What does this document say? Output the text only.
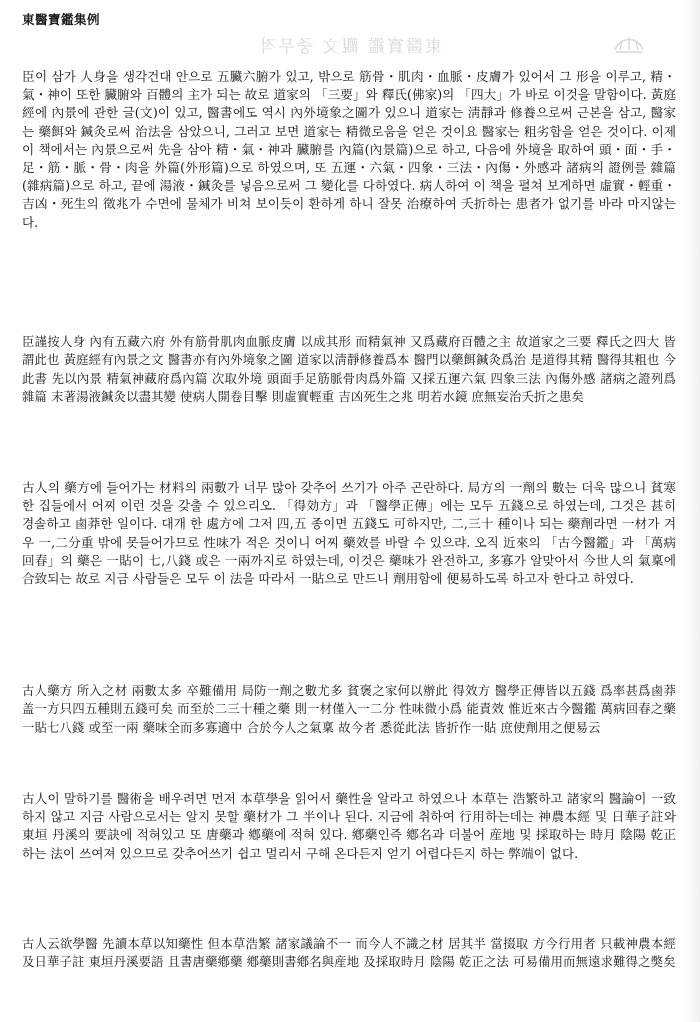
東醫寶鑑集例
東醫寶鑑 觀文 중무적

臣이 삼가 人身을 생각건대 안으로 五臟六腑가 있고, 밖으로 筋骨・肌肉・血脈・皮膚가 있어서 그 形을 이루고, 精・氣・神이 또한 臟腑와 百體의 主가 되는 故로 道家의 「三要」와 釋氏(佛家)의 「四大」가 바로 이것을 말함이다. 黃庭經에 內景에 관한 글(文)이 있고, 醫書에도 역시 內外境象之圖가 있으니 道家는 淸靜과 修養으로써 근본을 삼고, 醫家는 藥餌와 鍼灸로써 治法을 삼았으니, 그러고 보면 道家는 精微로움을 얻은 것이요 醫家는 粗劣함을 얻은 것이다. 이제 이 책에서는 內景으로써 先을 삼아 精・氣・神과 臟腑를 內篇(內景篇)으로 하고, 다음에 外境을 取하여 頭・面・手・足・筋・脈・骨・肉을 外篇(外形篇)으로 하였으며, 또 五運・六氣・四象・三法・內傷・外感과 諸病의 證例를 雜篇(雜病篇)으로 하고, 끝에 湯液・鍼灸를 넣음으로써 그 變化를 다하였다. 病人하여 이 책을 펼쳐 보게하면 虛實・輕重・吉凶・死生의 徵兆가 수면에 물체가 비쳐 보이듯이 환하게 하니 잘못 治療하여 夭折하는 患者가 없기를 바라 마지않는다.

臣謹按人身 內有五藏六府 外有筋骨肌肉血脈皮膚 以成其形 而精氣神 又爲藏府百體之主 故道家之三要 釋氏之四大 皆謂此也 黃庭經有內景之文 醫書亦有內外境象之圖 道家以淸靜修養爲本 醫門以藥餌鍼灸爲治 是道得其精 醫得其粗也 今此書 先以內景 精氣神藏府爲內篇 次取外境 頭面手足筋脈骨肉爲外篇 又採五運六氣 四象三法 內傷外感 諸病之證列爲雜篇 末著湯液鍼灸以盡其變 使病人開卷目擊 則虛實輕重 吉凶死生之兆 明若水鏡 庶無妄治夭折之患矣

古人의 藥方에 들어가는 材料의 兩數가 너무 많아 갖추어 쓰기가 아주 곤란하다. 局方의 一劑의 數는 더욱 많으니 貧寒한 집들에서 어찌 이런 것을 갖출 수 있으리오. 「得効方」과 「醫學正傳」에는 모두 五錢으로 하였는데, 그것은 甚히 경솔하고 鹵莽한 일이다. 대개 한 處方에 그저 四,五 종이면 五錢도 可하지만, 二,三十 種이나 되는 藥劑라면 一材가 겨우 一,二分重 밖에 못들어가므로 性味가 적은 것이니 어찌 藥效를 바랄 수 있으랴. 오직 近來의 「古今醫鑑」과 「萬病回春」의 藥은 一貼이 七,八錢 或은 一兩까지로 하였는데, 이것은 藥味가 완전하고, 多寡가 알맞아서 今世人의 氣稟에 合致되는 故로 지금 사람들은 모두 이 法을 따라서 一貼으로 만드니 劑用함에 便易하도록 하고자 한다고 하였다.

古人藥方 所入之材 兩數太多 卒難備用 局防一劑之數尤多 貧褒之家何以辦此 得效方 醫學正傳皆以五錢 爲率甚爲鹵莽 盖一方只四五種則五錢可矣 而至於二三十種之藥 則一材僅入一二分 性味微小爲 能責效 惟近來古今醫鑑 萬病回春之藥 一貼七八錢 或至一兩 藥味全而多寡適中 合於今人之氣稟 故今者 悉從此法 皆折作一貼 庶使劑用之便易云

古人이 말하기를 醫術을 배우려면 먼저 本草學을 읽어서 藥性을 알라고 하였으나 本草는 浩繁하고 諸家의 醫論이 一致하지 않고 지금 사람으로서는 알지 못할 藥材가 그 半이나 된다. 지금에 취하여 行用하는데는 神農本經 및 日華子註와 東垣 丹溪의 要訣에 적혀있고 또 唐藥과 鄕藥에 적혀 있다. 鄕藥인즉 鄕名과 더불어 産地 및 採取하는 時月 陰陽 乾正하는 法이 쓰여져 있으므로 갖추어쓰기 쉽고 멀리서 구해 온다든지 얻기 어렵다든지 하는 弊端이 없다.

古人云欲學醫 先讀本草以知藥性 但本草浩繁 諸家議論不一 而今人不識之材 居其半 當掇取 方今行用者 只載神農本經 及日華子註 東垣丹溪要語 且書唐藥鄕藥 鄕藥則書鄕名與産地 及採取時月 陰陽 乾正之法 可易備用而無遠求難得之獘矣
